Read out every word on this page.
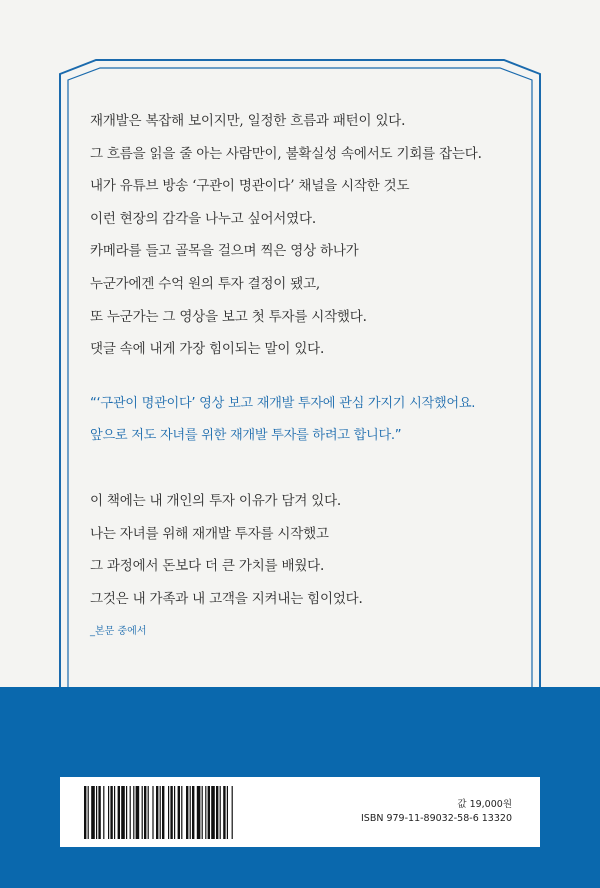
재개발은 복잡해 보이지만, 일정한 흐름과 패턴이 있다.
그 흐름을 읽을 줄 아는 사람만이, 불확실성 속에서도 기회를 잡는다.
내가 유튜브 방송 ‘구관이 명관이다’ 채널을 시작한 것도
이런 현장의 감각을 나누고 싶어서였다.
카메라를 들고 골목을 걸으며 찍은 영상 하나가
누군가에겐 수억 원의 투자 결정이 됐고,
또 누군가는 그 영상을 보고 첫 투자를 시작했다.
댓글 속에 내게 가장 힘이되는 말이 있다.
“‘구관이 명관이다’ 영상 보고 재개발 투자에 관심 가지기 시작했어요.
앞으로 저도 자녀를 위한 재개발 투자를 하려고 합니다.”
이 책에는 내 개인의 투자 이유가 담겨 있다.
나는 자녀를 위해 재개발 투자를 시작했고
그 과정에서 돈보다 더 큰 가치를 배웠다.
그것은 내 가족과 내 고객을 지켜내는 힘이었다.
_본문 중에서
값 19,000원
ISBN 979-11-89032-58-6 13320
